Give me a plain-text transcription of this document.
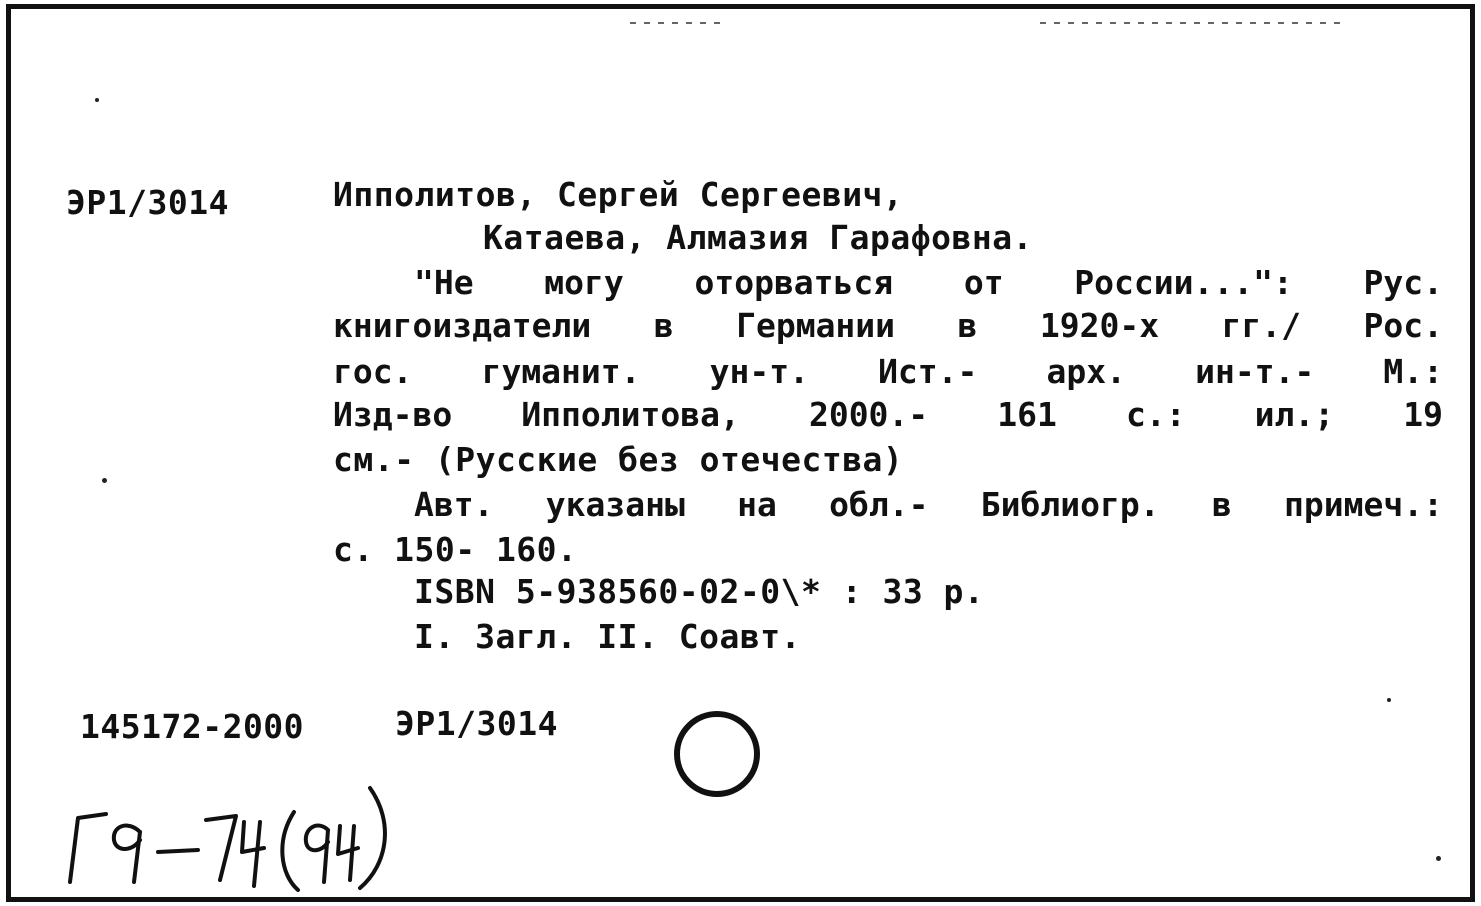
ЭР1/3014	Ипполитов, Сергей Сергеевич,
Катаева, Алмазия Гарафовна.
"Не могу оторваться от России...": Рус.
книгоиздатели в Германии в 1920-х гг./ Рос.
гос. гуманит. ун-т. Ист.- арх. ин-т.- М.:
Изд-во Ипполитова, 2000.- 161 с.: ил.; 19
см.- (Русские без отечества)
Авт. указаны на обл.- Библиогр. в примеч.:
с. 150- 160.
ISBN 5-938560-02-0\* : 33 р.
I. Загл. II. Соавт.
145172-2000	ЭР1/3014
